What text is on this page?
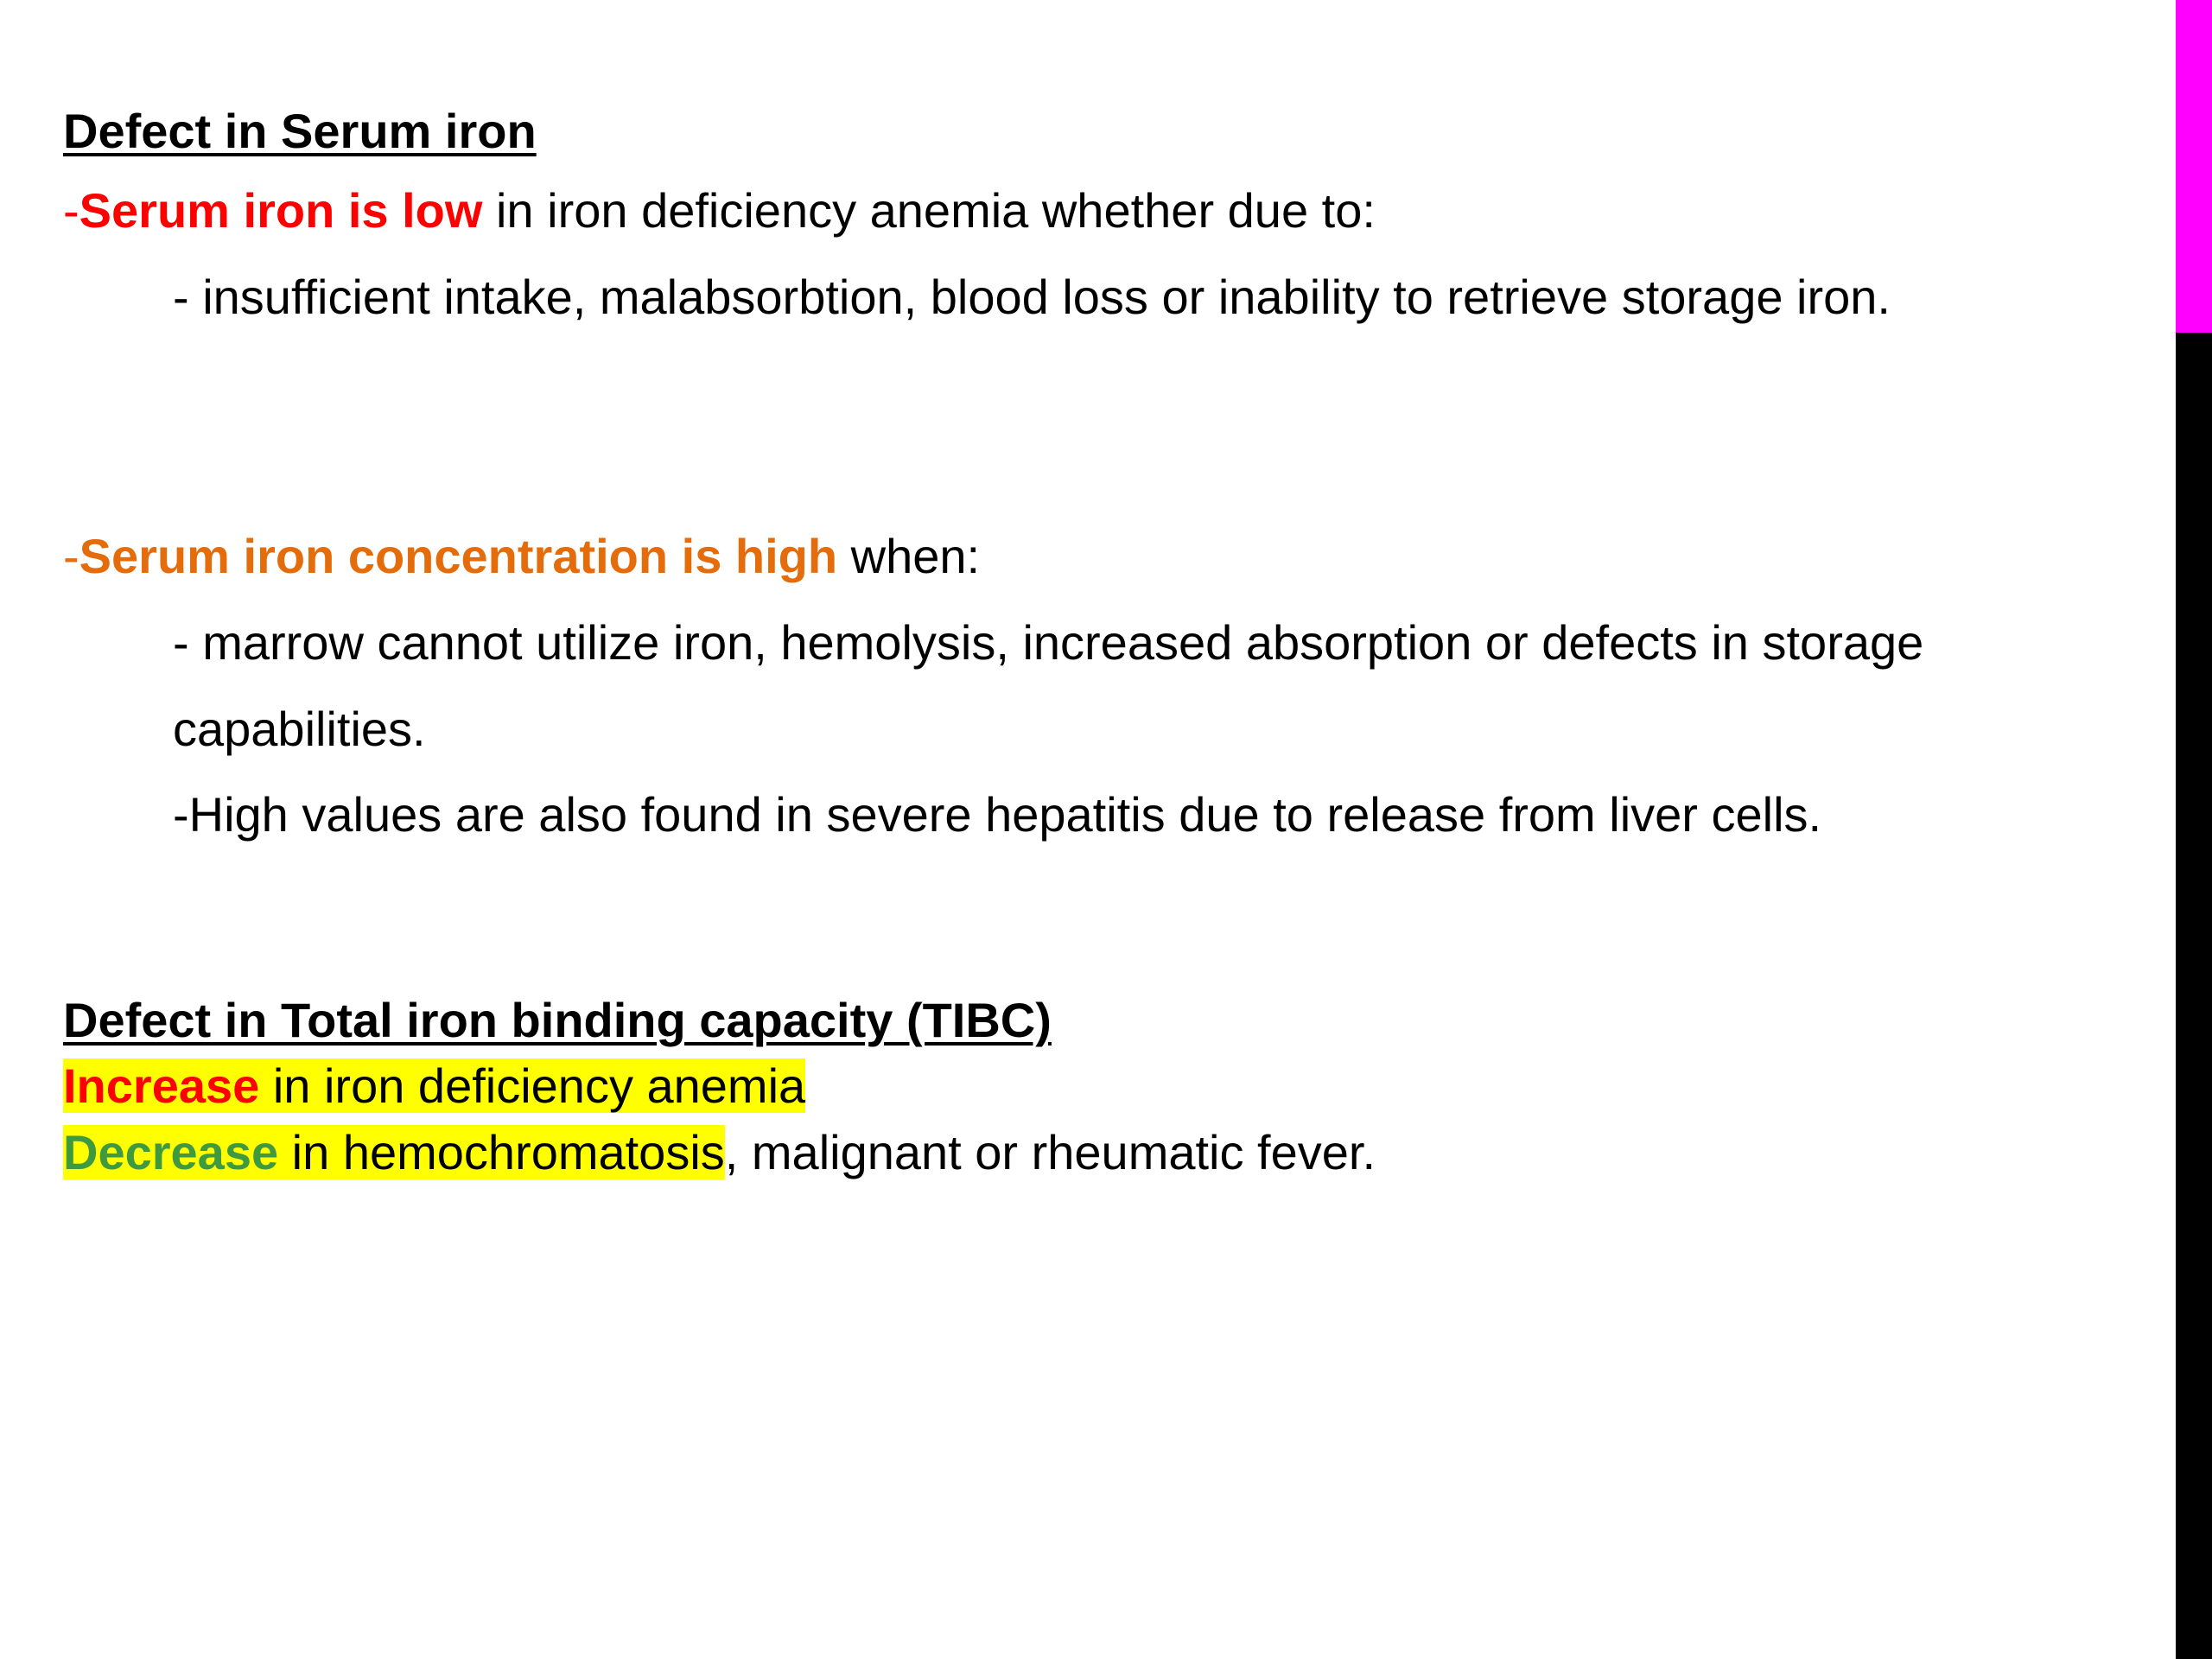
Defect in Serum iron
-Serum iron is low in iron deficiency anemia whether due to:
- insufficient intake, malabsorbtion, blood loss or inability to retrieve storage iron.
-Serum iron concentration is high when:
- marrow cannot utilize iron, hemolysis, increased absorption or defects in storage
capabilities.
-High values are also found in severe hepatitis due to release from liver cells.
Defect in Total iron binding capacity (TIBC)
Increase in iron deficiency anemia
Decrease in hemochromatosis, malignant or rheumatic fever.
